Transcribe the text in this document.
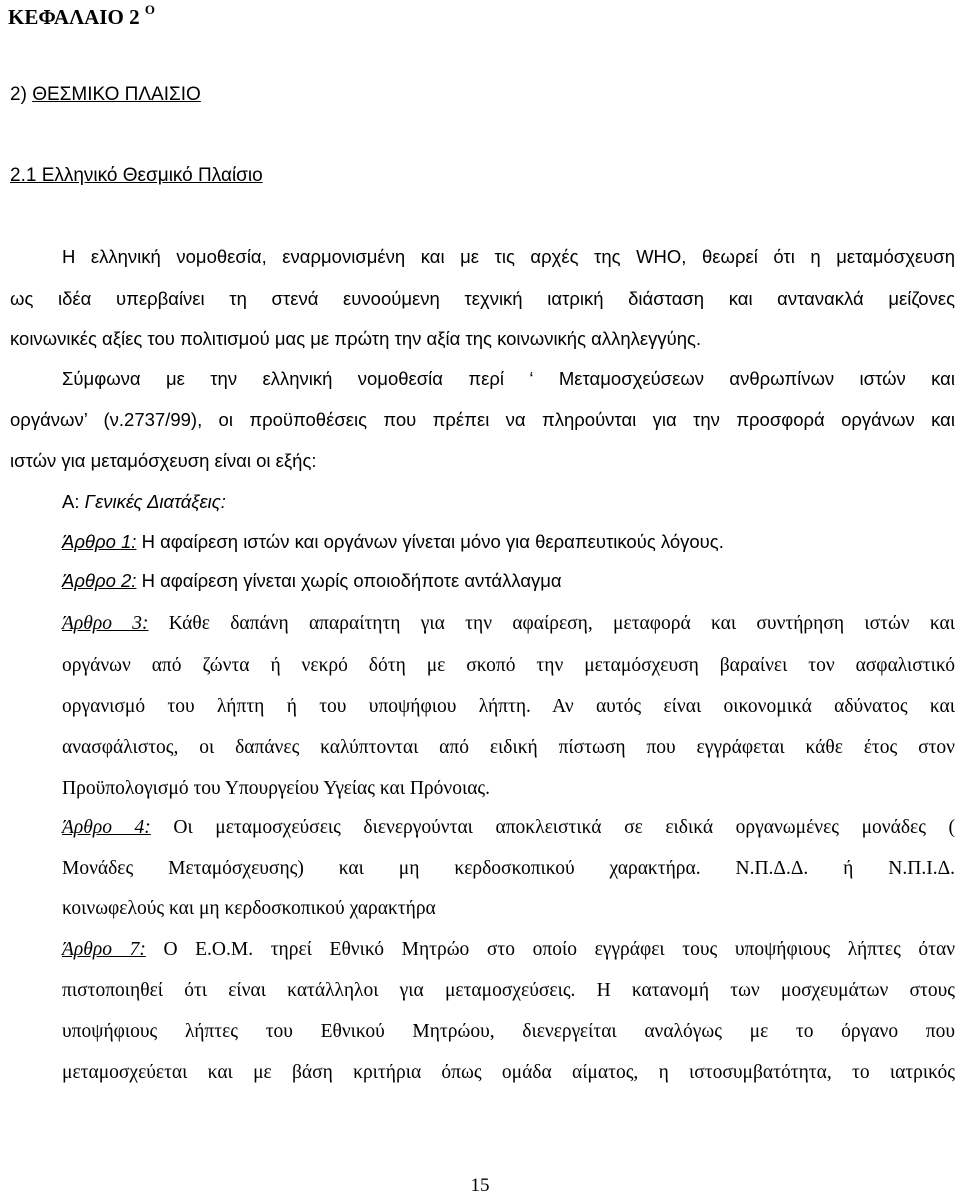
ΚΕΦΑΛΑΙΟ 2 $^O$
2) ΘΕΣΜΙΚΟ ΠΛΑΙΣΙΟ
2.1 Ελληνικό Θεσμικό Πλαίσιο
Η ελληνική νομοθεσία, εναρμονισμένη και με τις αρχές της WHO, θεωρεί ότι η μεταμόσχευση
ως ιδέα υπερβαίνει τη στενά ευνοούμενη τεχνική ιατρική διάσταση και αντανακλά μείζονες
κοινωνικές αξίες του πολιτισμού μας με πρώτη την αξία της κοινωνικής αλληλεγγύης.
Σύμφωνα με την ελληνική νομοθεσία περί ‘ Μεταμοσχεύσεων ανθρωπίνων ιστών και
οργάνων’ (ν.2737/99), οι προϋποθέσεις που πρέπει να πληρούνται για την προσφορά οργάνων και
ιστών για μεταμόσχευση είναι οι εξής:
Α: Γενικές Διατάξεις:
Άρθρο 1: Η αφαίρεση ιστών και οργάνων γίνεται μόνο για θεραπευτικούς λόγους.
Άρθρο 2: Η αφαίρεση γίνεται χωρίς οποιοδήποτε αντάλλαγμα
Άρθρο 3: Κάθε δαπάνη απαραίτητη για την αφαίρεση, μεταφορά και συντήρηση ιστών και
οργάνων από ζώντα ή νεκρό δότη με σκοπό την μεταμόσχευση βαραίνει τον ασφαλιστικό
οργανισμό του λήπτη ή του υποψήφιου λήπτη. Αν αυτός είναι οικονομικά αδύνατος και
ανασφάλιστος, οι δαπάνες καλύπτονται από ειδική πίστωση που εγγράφεται κάθε έτος στον
Προϋπολογισμό του Υπουργείου Υγείας και Πρόνοιας.
Άρθρο 4: Οι μεταμοσχεύσεις διενεργούνται αποκλειστικά σε ειδικά οργανωμένες μονάδες (
Μονάδες Μεταμόσχευσης) και μη κερδοσκοπικού χαρακτήρα. Ν.Π.Δ.Δ. ή Ν.Π.Ι.Δ.
κοινωφελούς και μη κερδοσκοπικού χαρακτήρα
Άρθρο 7: Ο Ε.Ο.Μ. τηρεί Εθνικό Μητρώο στο οποίο εγγράφει τους υποψήφιους λήπτες όταν
πιστοποιηθεί ότι είναι κατάλληλοι για μεταμοσχεύσεις. Η κατανομή των μοσχευμάτων στους
υποψήφιους λήπτες του Εθνικού Μητρώου, διενεργείται αναλόγως με το όργανο που
μεταμοσχεύεται και με βάση κριτήρια όπως ομάδα αίματος, η ιστοσυμβατότητα, το ιατρικός
15
